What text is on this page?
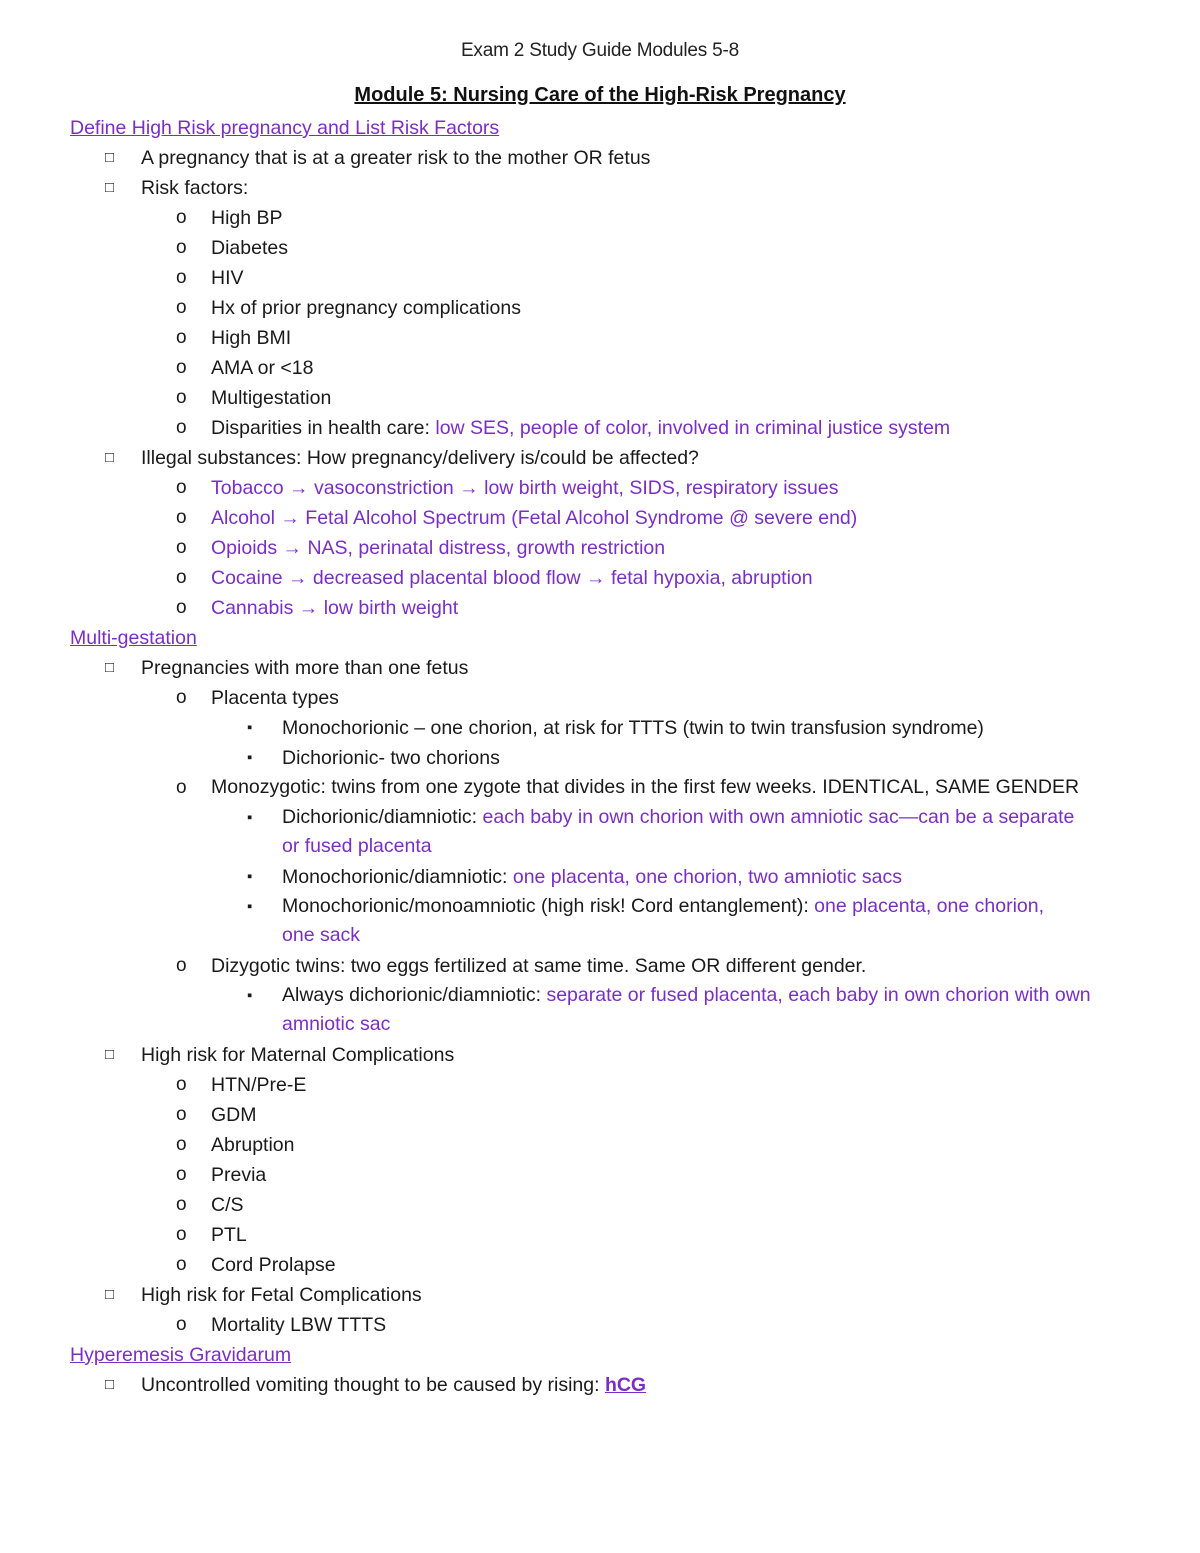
Exam 2 Study Guide Modules 5-8
Module 5: Nursing Care of the High-Risk Pregnancy
Define High Risk pregnancy and List Risk Factors
□ A pregnancy that is at a greater risk to the mother OR fetus
□ Risk factors:
o High BP
o Diabetes
o HIV
o Hx of prior pregnancy complications
o High BMI
o AMA or <18
o Multigestation
o Disparities in health care: low SES, people of color, involved in criminal justice system
□ Illegal substances: How pregnancy/delivery is/could be affected?
o Tobacco → vasoconstriction → low birth weight, SIDS, respiratory issues
o Alcohol → Fetal Alcohol Spectrum (Fetal Alcohol Syndrome @ severe end)
o Opioids → NAS, perinatal distress, growth restriction
o Cocaine → decreased placental blood flow → fetal hypoxia, abruption
o Cannabis → low birth weight
Multi-gestation
□ Pregnancies with more than one fetus
o Placenta types
▪ Monochorionic – one chorion, at risk for TTTS (twin to twin transfusion syndrome)
▪ Dichorionic- two chorions
o Monozygotic: twins from one zygote that divides in the first few weeks. IDENTICAL, SAME GENDER
▪ Dichorionic/diamniotic: each baby in own chorion with own amniotic sac—can be a separate or fused placenta
▪ Monochorionic/diamniotic: one placenta, one chorion, two amniotic sacs
▪ Monochorionic/monoamniotic (high risk! Cord entanglement): one placenta, one chorion, one sack
o Dizygotic twins: two eggs fertilized at same time. Same OR different gender.
▪ Always dichorionic/diamniotic: separate or fused placenta, each baby in own chorion with own amniotic sac
□ High risk for Maternal Complications
o HTN/Pre-E
o GDM
o Abruption
o Previa
o C/S
o PTL
o Cord Prolapse
□ High risk for Fetal Complications
o Mortality LBW TTTS
Hyperemesis Gravidarum
□ Uncontrolled vomiting thought to be caused by rising: hCG
